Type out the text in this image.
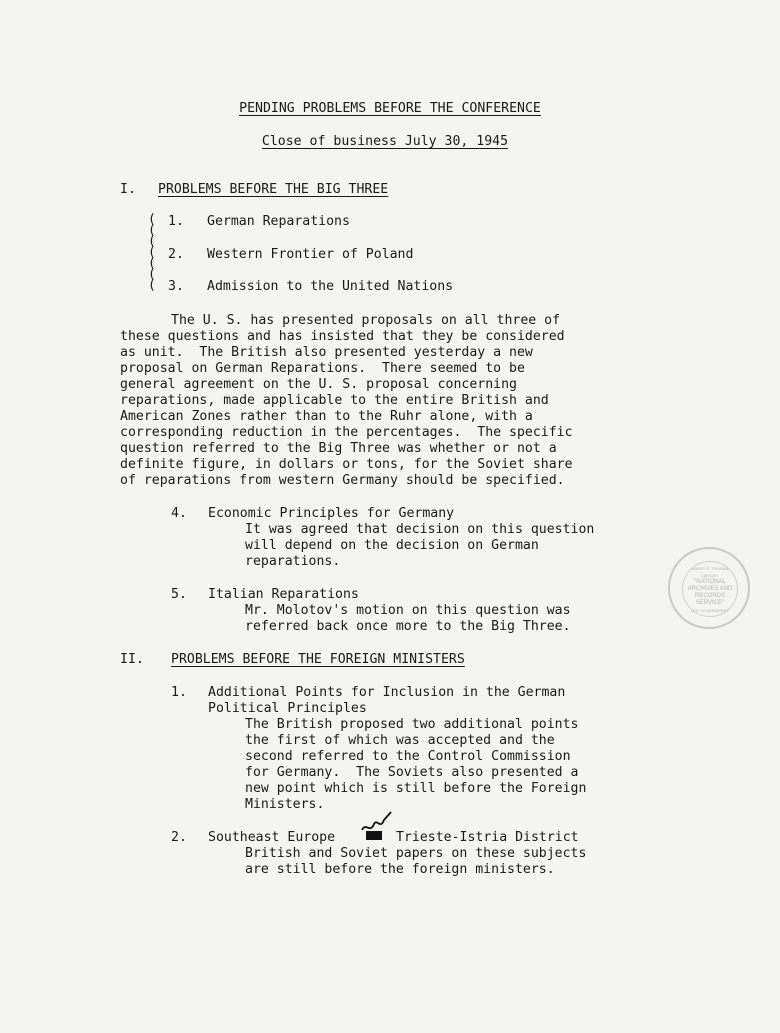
PENDING PROBLEMS BEFORE THE CONFERENCE
Close of business July 30, 1945
I. PROBLEMS BEFORE THE BIG THREE
(
(
(
(
(
(
(
1. German Reparations
2. Western Frontier of Poland
3. Admission to the United Nations
The U. S. has presented proposals on all three of
these questions and has insisted that they be considered
as unit.  The British also presented yesterday a new
proposal on German Reparations.  There seemed to be
general agreement on the U. S. proposal concerning
reparations, made applicable to the entire British and
American Zones rather than to the Ruhr alone, with a
corresponding reduction in the percentages.  The specific
question referred to the Big Three was whether or not a
definite figure, in dollars or tons, for the Soviet share
of reparations from western Germany should be specified.
4. Economic Principles for Germany
It was agreed that decision on this question
will depend on the decision on German
reparations.
5. Italian Reparations
Mr. Molotov's motion on this question was
referred back once more to the Big Three.
II. PROBLEMS BEFORE THE FOREIGN MINISTERS
1. Additional Points for Inclusion in the German
Political Principles
The British proposed two additional points
the first of which was accepted and the
second referred to the Control Commission
for Germany.  The Soviets also presented a
new point which is still before the Foreign
Ministers.
2. Southeast Europe	Trieste-Istria District
British and Soviet papers on these subjects
are still before the foreign ministers.
HARRY S. TRUMAN LIBRARY
"NATIONAL
ARCHIVES AND
RECORDS
SERVICE"
U.S. GOVERNMENT
